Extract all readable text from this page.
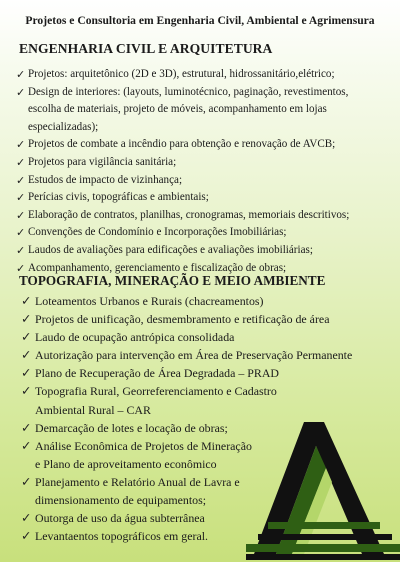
Projetos e Consultoria em Engenharia Civil, Ambiental e Agrimensura
ENGENHARIA CIVIL E ARQUITETURA
✓ Projetos: arquitetônico (2D e 3D), estrutural, hidrossanitário,elétrico;
✓ Design de interiores: (layouts, luminotécnico, paginação, revestimentos,
escolha de materiais, projeto de móveis, acompanhamento em lojas
especializadas);
✓ Projetos de combate a incêndio para obtenção e renovação de AVCB;
✓ Projetos para vigilância sanitária;
✓ Estudos de impacto de vizinhança;
✓ Perícias civis, topográficas e ambientais;
✓ Elaboração de contratos, planilhas, cronogramas, memoriais descritivos;
✓ Convenções de Condomínio e Incorporações Imobiliárias;
✓ Laudos de avaliações para edificações e avaliações imobiliárias;
✓ Acompanhamento, gerenciamento e fiscalização de obras;
TOPOGRAFIA, MINERAÇÃO E MEIO AMBIENTE
✓ Loteamentos Urbanos e Rurais (chacreamentos)
✓ Projetos de unificação, desmembramento e retificação de área
✓ Laudo de ocupação antrópica consolidada
✓ Autorização para intervenção em Área de Preservação Permanente
✓ Plano de Recuperação de Área Degradada – PRAD
✓ Topografia Rural, Georreferenciamento e Cadastro
Ambiental Rural – CAR
✓ Demarcação de lotes e locação de obras;
✓ Análise Econômica de Projetos de Mineração
e Plano de aproveitamento econômico
✓ Planejamento e Relatório Anual de Lavra e
dimensionamento de equipamentos;
✓ Outorga de uso da água subterrânea
✓ Levantaentos topográficos em geral.
